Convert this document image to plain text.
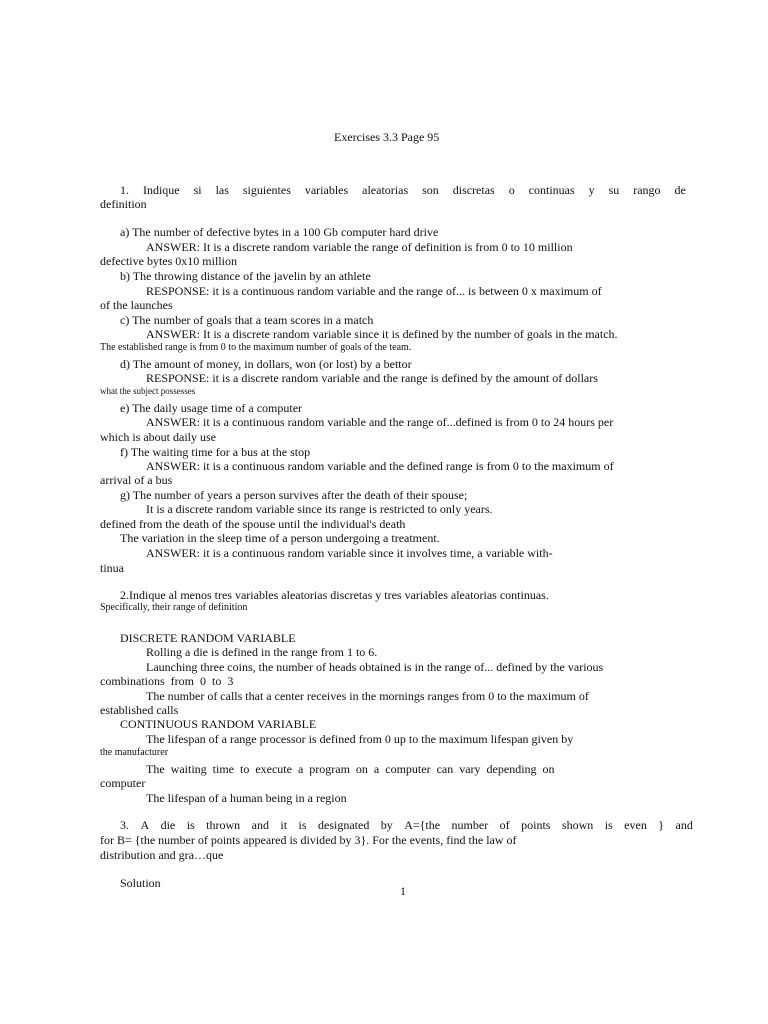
Exercises 3.3 Page 95
1. Indique si las siguientes variables aleatorias son discretas o continuas y su rango de
definition
a) The number of defective bytes in a 100 Gb computer hard drive
ANSWER: It is a discrete random variable the range of definition is from 0 to 10 million
defective bytes 0x10 million
b) The throwing distance of the javelin by an athlete
RESPONSE: it is a continuous random variable and the range of... is between 0 x maximum of
of the launches
c) The number of goals that a team scores in a match
ANSWER: It is a discrete random variable since it is defined by the number of goals in the match.
The established range is from 0 to the maximum number of goals of the team.
d) The amount of money, in dollars, won (or lost) by a bettor
RESPONSE: it is a discrete random variable and the range is defined by the amount of dollars
what the subject possesses
e) The daily usage time of a computer
ANSWER: it is a continuous random variable and the range of...defined is from 0 to 24 hours per
which is about daily use
f) The waiting time for a bus at the stop
ANSWER: it is a continuous random variable and the defined range is from 0 to the maximum of
arrival of a bus
g) The number of years a person survives after the death of their spouse;
It is a discrete random variable since its range is restricted to only years.
defined from the death of the spouse until the individual's death
The variation in the sleep time of a person undergoing a treatment.
ANSWER: it is a continuous random variable since it involves time, a variable with-
tinua
2.Indique al menos tres variables aleatorias discretas y tres variables aleatorias continuas.
Specifically, their range of definition
DISCRETE RANDOM VARIABLE
Rolling a die is defined in the range from 1 to 6.
Launching three coins, the number of heads obtained is in the range of... defined by the various
combinations  from  0  to  3
The number of calls that a center receives in the mornings ranges from 0 to the maximum of
established calls
CONTINUOUS RANDOM VARIABLE
The lifespan of a range processor is defined from 0 up to the maximum lifespan given by
the manufacturer
The waiting time to execute a program on a computer can vary depending on
computer
The lifespan of a human being in a region
3. A die is thrown and it is designated by A={the number of points shown is even } and
for B= {the number of points appeared is divided by 3}. For the events, find the law of
distribution and gra…que
Solution
1
